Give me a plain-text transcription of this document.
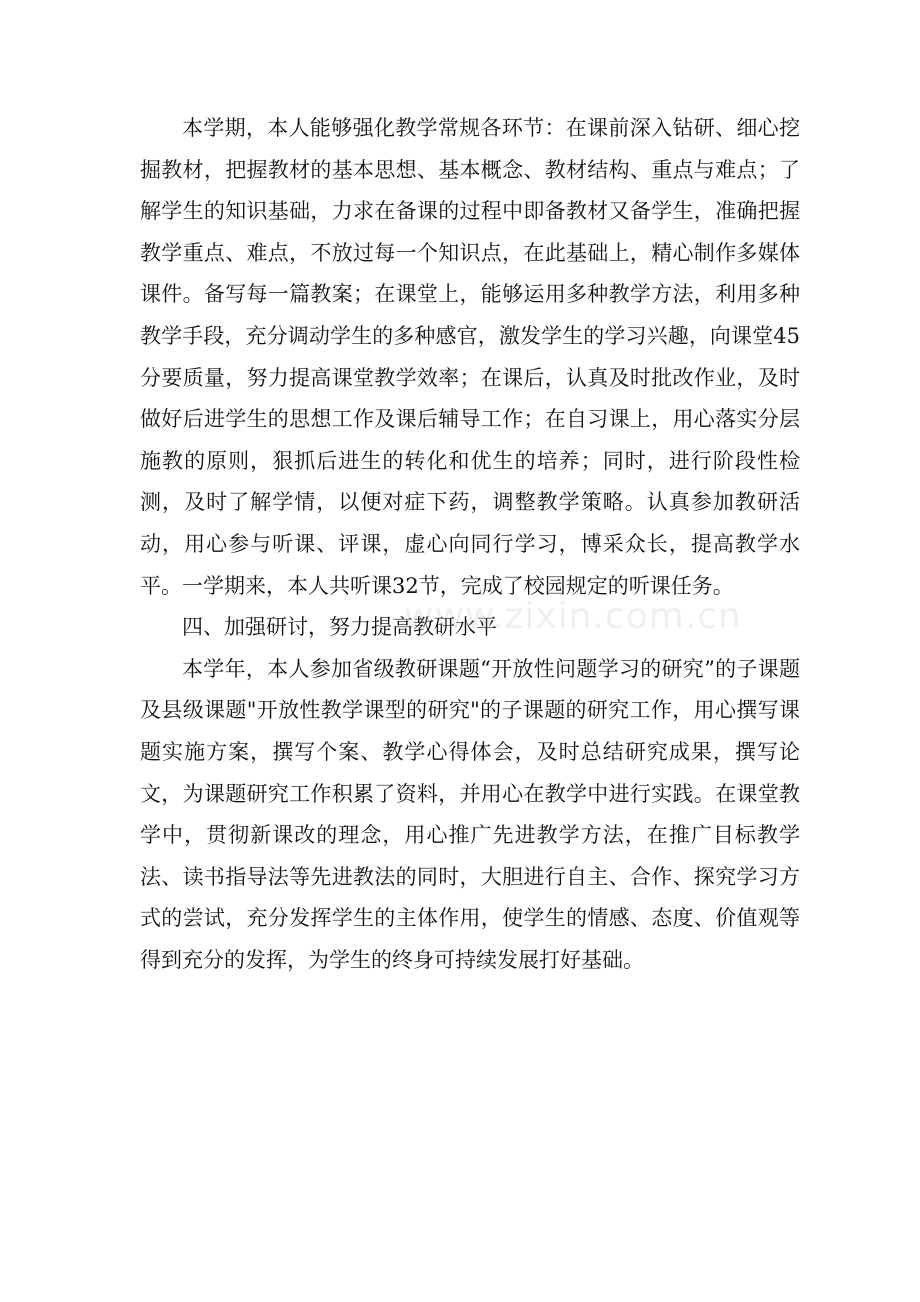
本学期，本人能够强化教学常规各环节：在课前深入钻研、细心挖掘教材，把握教材的基本思想、基本概念、教材结构、重点与难点；了解学生的知识基础，力求在备课的过程中即备教材又备学生，准确把握教学重点、难点，不放过每一个知识点，在此基础上，精心制作多媒体课件。备写每一篇教案；在课堂上，能够运用多种教学方法，利用多种教学手段，充分调动学生的多种感官，激发学生的学习兴趣，向课堂45分要质量，努力提高课堂教学效率；在课后，认真及时批改作业，及时做好后进学生的思想工作及课后辅导工作；在自习课上，用心落实分层施教的原则，狠抓后进生的转化和优生的培养；同时，进行阶段性检测，及时了解学情，以便对症下药，调整教学策略。认真参加教研活动，用心参与听课、评课，虚心向同行学习，博采众长，提高教学水平。一学期来，本人共听课32节，完成了校园规定的听课任务。

四、加强研讨，努力提高教研水平

本学年，本人参加省级教研课题“开放性问题学习的研究”的子课题及县级课题"开放性教学课型的研究"的子课题的研究工作，用心撰写课题实施方案，撰写个案、教学心得体会，及时总结研究成果，撰写论文，为课题研究工作积累了资料，并用心在教学中进行实践。在课堂教学中，贯彻新课改的理念，用心推广先进教学方法，在推广目标教学法、读书指导法等先进教法的同时，大胆进行自主、合作、探究学习方式的尝试，充分发挥学生的主体作用，使学生的情感、态度、价值观等得到充分的发挥，为学生的终身可持续发展打好基础。

www.zixin.com.cn
